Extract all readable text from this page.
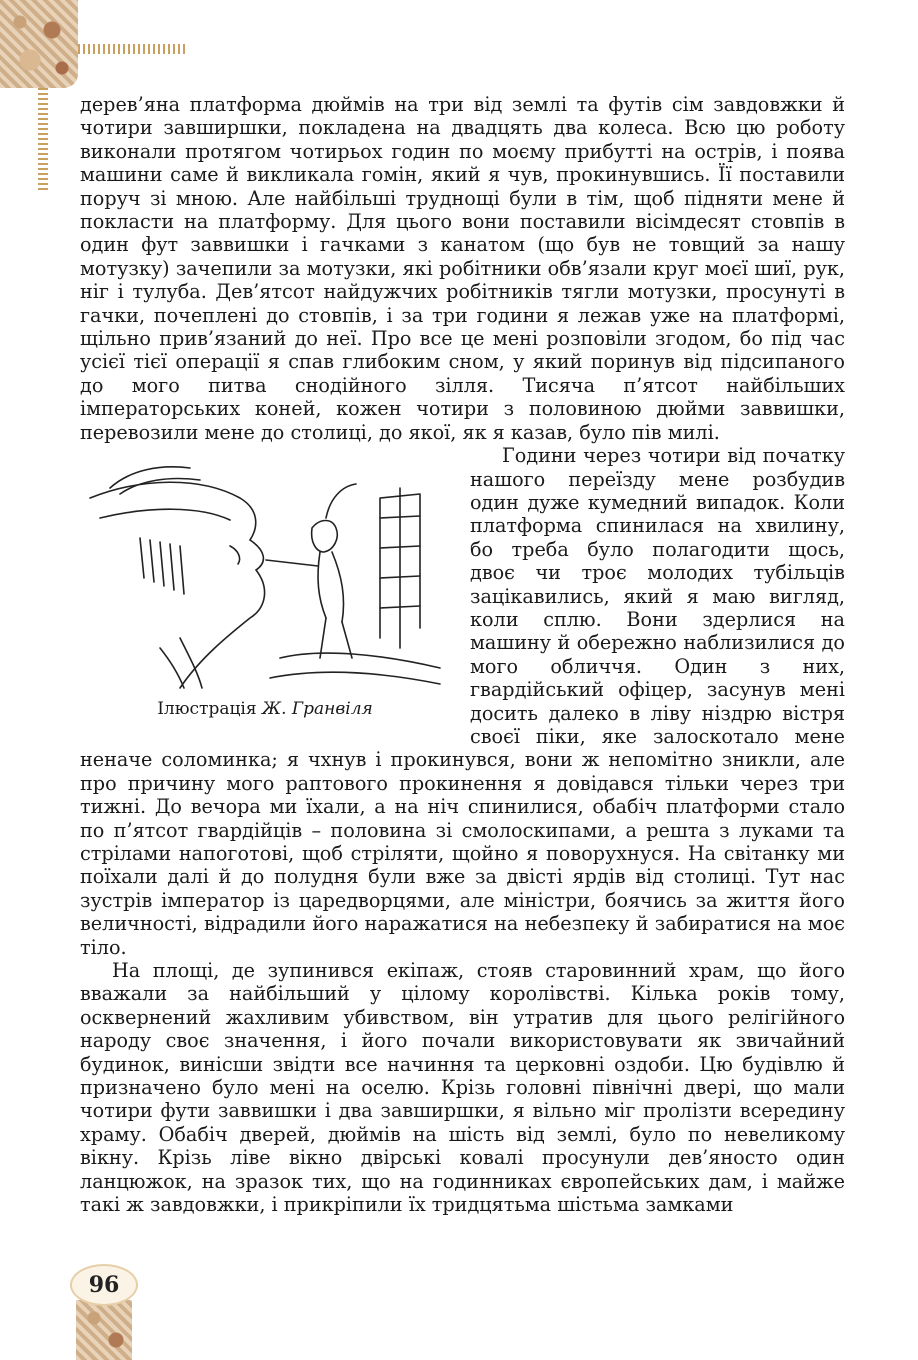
дерев’яна платформа дюймів на три від землі та футів сім завдовжки й чотири завширшки, покладена на двадцять два колеса. Всю цю роботу виконали протягом чотирьох годин по моєму прибутті на острів, і поява машини саме й викликала гомін, який я чув, прокинувшись. Її поставили поруч зі мною. Але найбільші труднощі були в тім, щоб підняти мене й покласти на платформу. Для цього вони поставили вісімдесят стовпів в один фут заввишки і гачками з канатом (що був не товщий за нашу мотузку) зачепили за мотузки, які робітники обв’язали круг моєї шиї, рук, ніг і тулуба. Дев’ятсот найдужчих робітників тягли мотузки, просунуті в гачки, почеплені до стовпів, і за три години я лежав уже на платформі, щільно прив’язаний до неї. Про все це мені розповіли згодом, бо під час усієї тієї операції я спав глибоким сном, у який поринув від підсипаного до мого питва снодійного зілля. Тисяча п’ятсот найбільших імператорських коней, кожен чотири з половиною дюйми заввишки, перевозили мене до столиці, до якої, як я казав, було пів милі.

Ілюстрація Ж. Гранвіля

Години через чотири від початку нашого переїзду мене розбудив один дуже кумедний випадок. Коли платформа спинилася на хвилину, бо треба було полагодити щось, двоє чи троє молодих тубільців зацікавились, який я маю вигляд, коли сплю. Вони здерлися на машину й обережно наблизилися до мого обличчя. Один з них, гвардійський офіцер, засунув мені досить далеко в ліву ніздрю вістря своєї піки, яке залоскотало мене неначе соломинка; я чхнув і прокинувся, вони ж непомітно зникли, але про причину мого раптового прокинення я довідався тільки через три тижні. До вечора ми їхали, а на ніч спинилися, обабіч платформи стало по п’ятсот гвардійців – половина зі смолоскипами, а решта з луками та стрілами напоготові, щоб стріляти, щойно я поворухнуся. На світанку ми поїхали далі й до полудня були вже за двісті ярдів від столиці. Тут нас зустрів імператор із царедворцями, але міністри, боячись за життя його величності, відрадили його наражатися на небезпеку й забиратися на моє тіло.

На площі, де зупинився екіпаж, стояв старовинний храм, що його вважали за найбільший у цілому королівстві. Кілька років тому, осквернений жахливим убивством, він утратив для цього релігійного народу своє значення, і його почали використовувати як звичайний будинок, винісши звідти все начиння та церковні оздоби. Цю будівлю й призначено було мені на оселю. Крізь головні північні двері, що мали чотири фути заввишки і два завширшки, я вільно міг пролізти всередину храму. Обабіч дверей, дюймів на шість від землі, було по невеликому вікну. Крізь ліве вікно двірські ковалі просунули дев’яносто один ланцюжок, на зразок тих, що на годинниках європейських дам, і майже такі ж завдовжки, і прикріпили їх тридцятьма шістьма замками

96
